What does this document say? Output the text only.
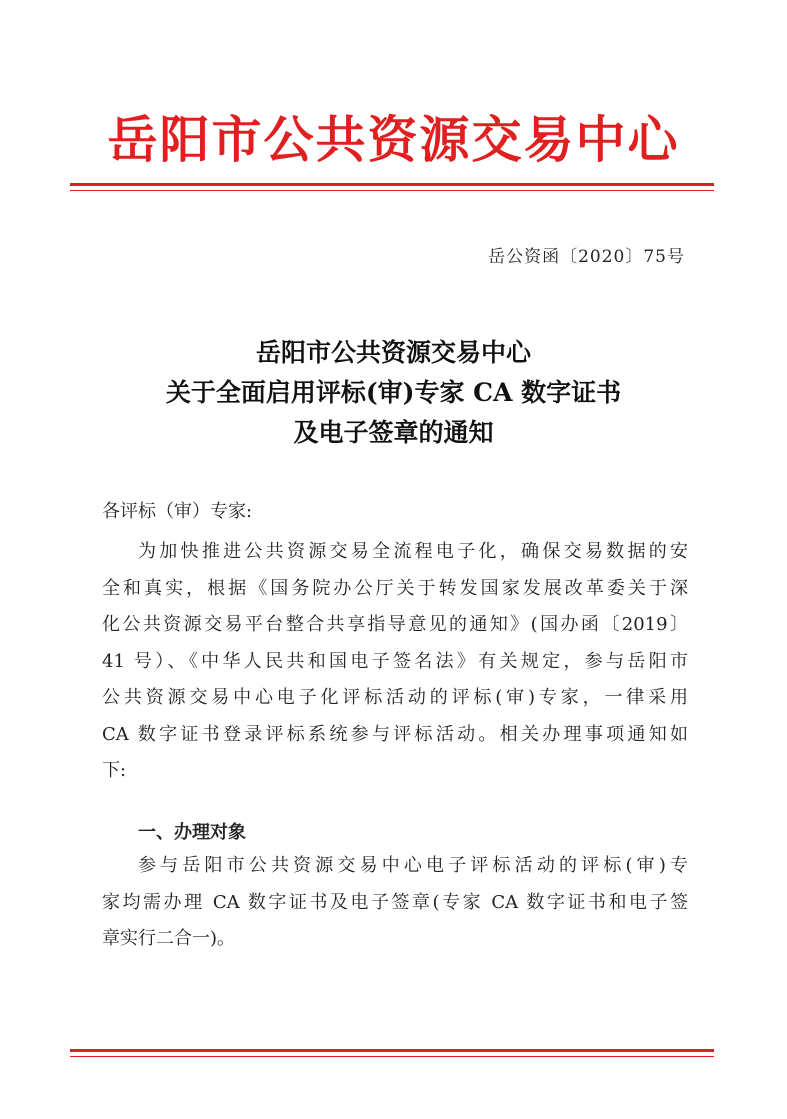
岳阳市公共资源交易中心
岳公资函〔2020〕75号
岳阳市公共资源交易中心
关于全面启用评标(审)专家 CA 数字证书
及电子签章的通知
各评标（审）专家:
为加快推进公共资源交易全流程电子化，确保交易数据的安
全和真实，根据《国务院办公厅关于转发国家发展改革委关于深
化公共资源交易平台整合共享指导意见的通知》(国办函〔2019〕
41 号）、《中华人民共和国电子签名法》有关规定，参与岳阳市
公共资源交易中心电子化评标活动的评标(审)专家，一律采用
CA 数字证书登录评标系统参与评标活动。相关办理事项通知如
下:
一、办理对象
参与岳阳市公共资源交易中心电子评标活动的评标(审)专
家均需办理 CA 数字证书及电子签章(专家 CA 数字证书和电子签
章实行二合一)。
